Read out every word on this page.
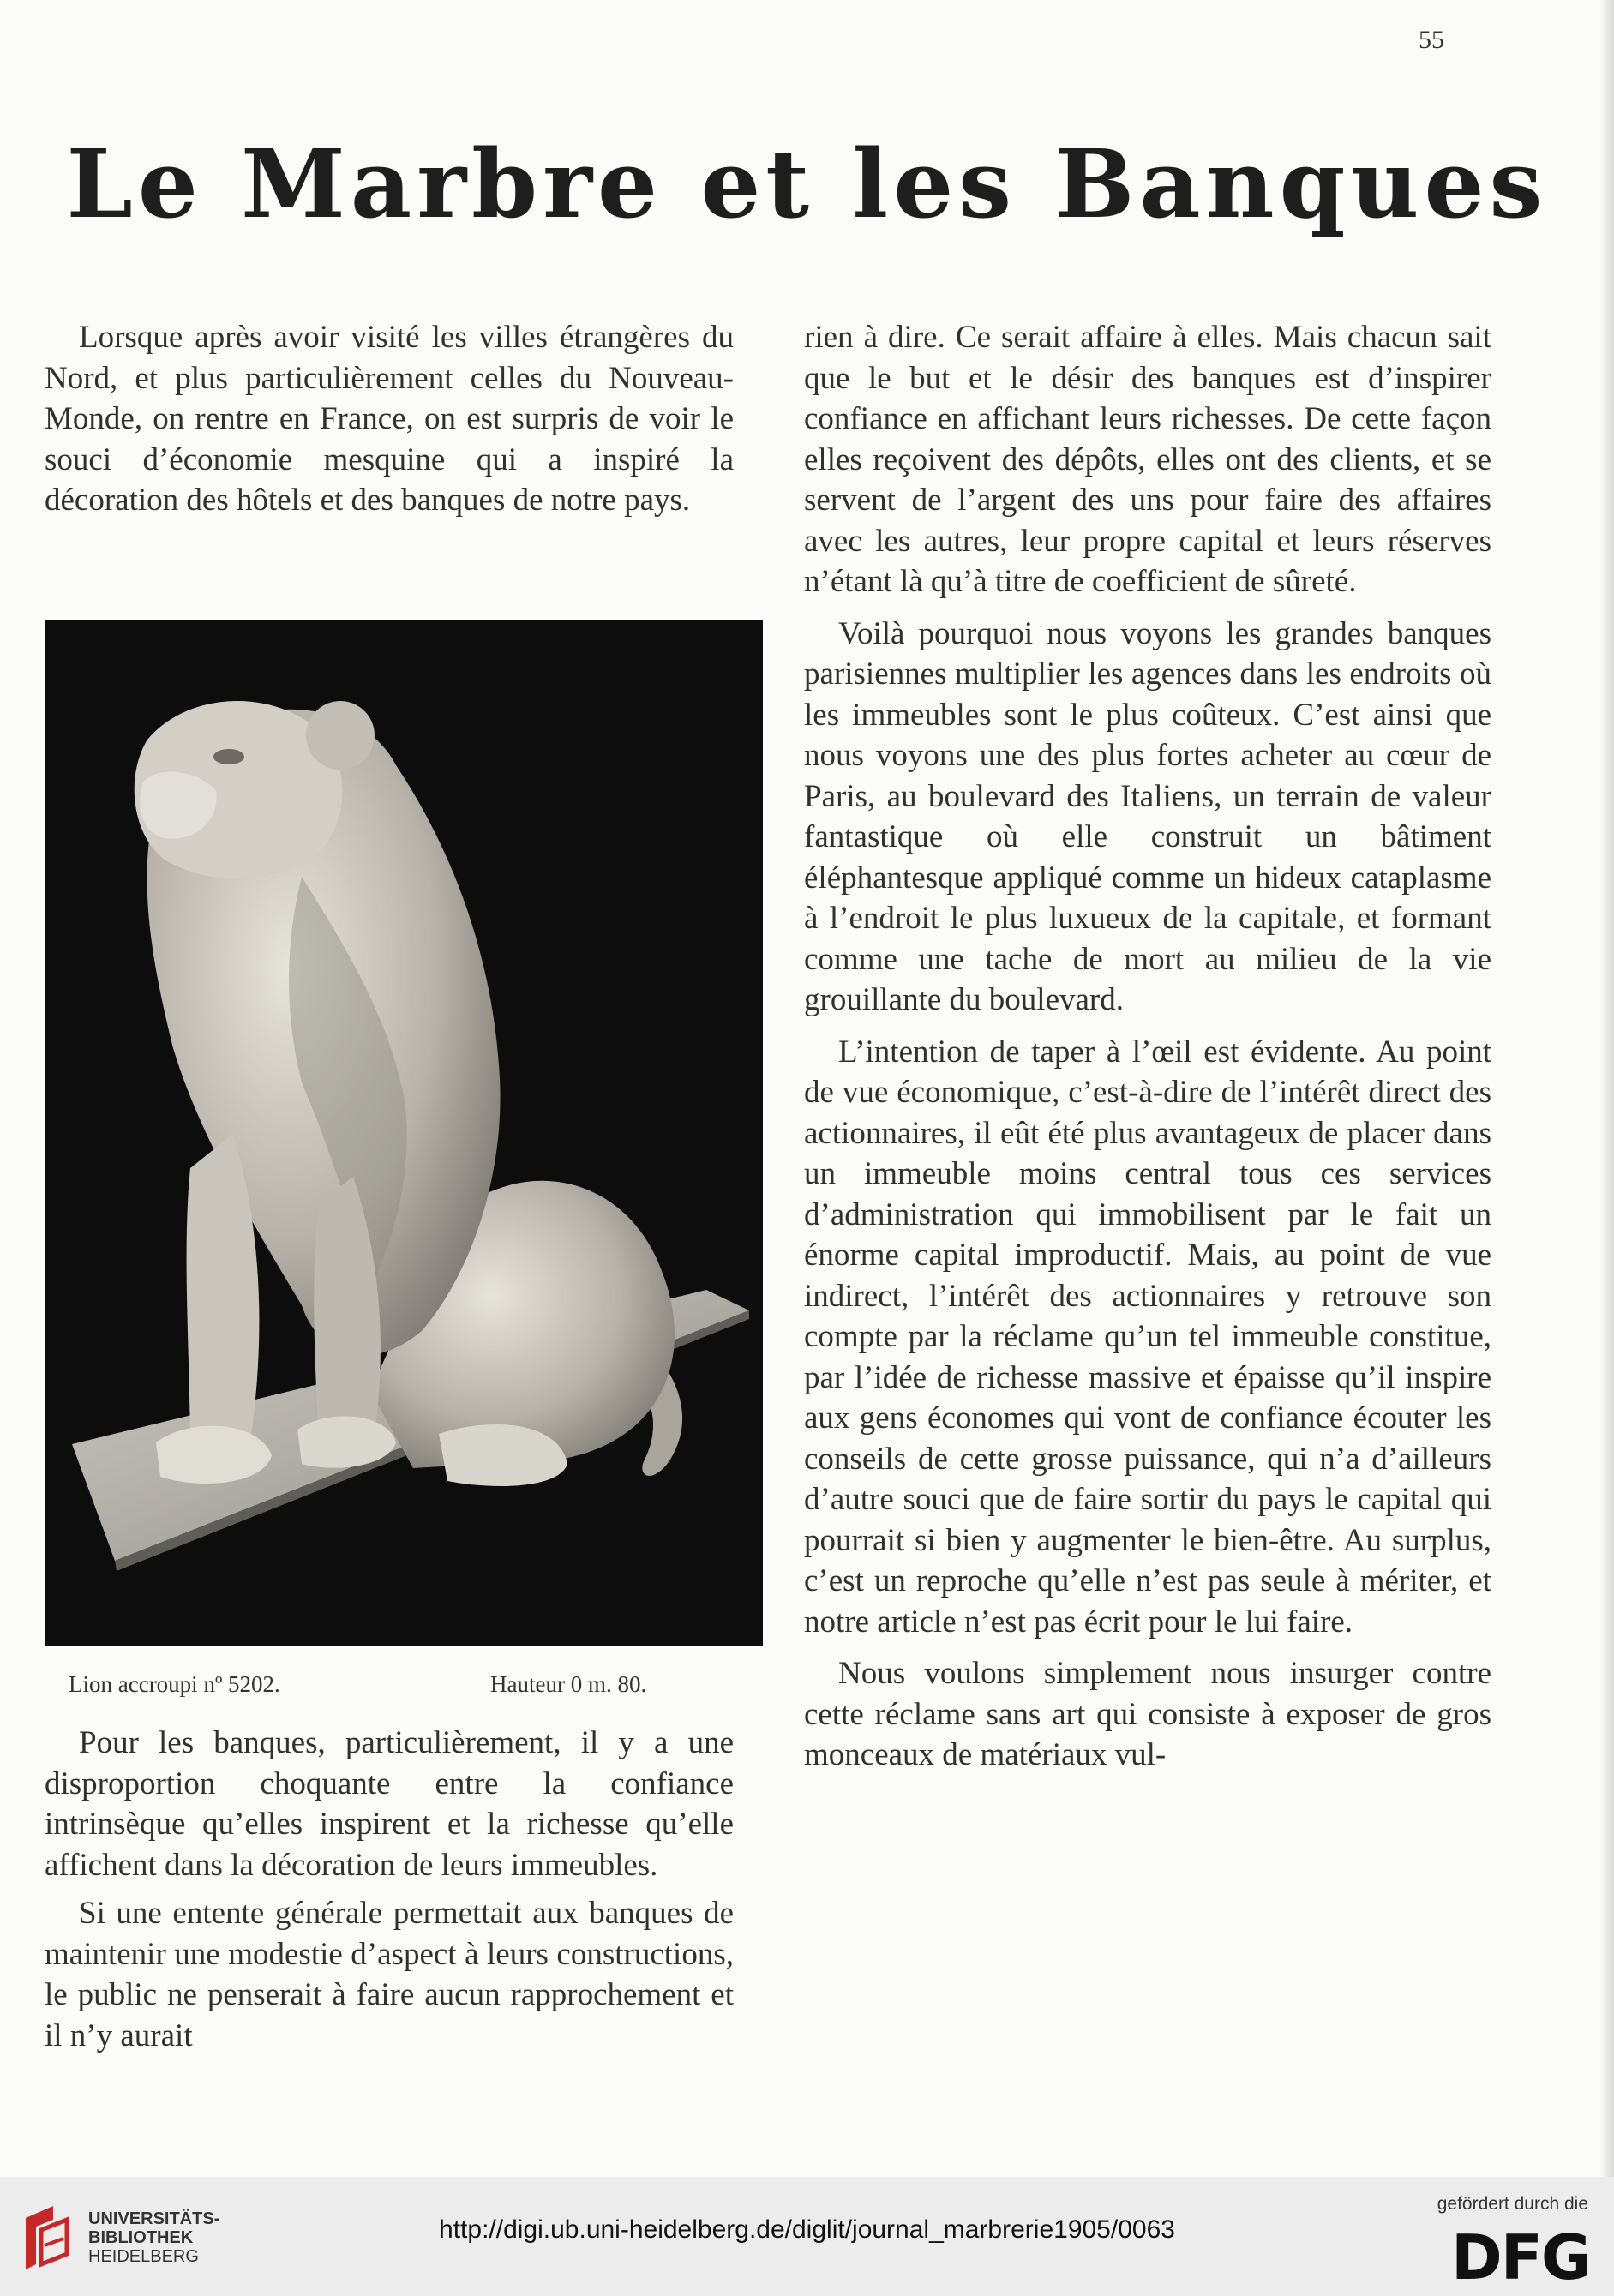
55
Le Marbre et les Banques

Lorsque après avoir visité les villes étrangères du Nord, et plus particulièrement celles du Nouveau-Monde, on rentre en France, on est surpris de voir le souci d’économie mesquine qui a inspiré la décoration des hôtels et des banques de notre pays.

Lion accroupi nº 5202.	Hauteur 0 m. 80.

Pour les banques, particulièrement, il y a une disproportion choquante entre la confiance intrinsèque qu’elles inspirent et la richesse qu’elle affichent dans la décoration de leurs immeubles.

Si une entente générale permettait aux banques de maintenir une modestie d’aspect à leurs constructions, le public ne penserait à faire aucun rapprochement et il n’y aurait

rien à dire. Ce serait affaire à elles. Mais chacun sait que le but et le désir des banques est d’inspirer confiance en affichant leurs richesses. De cette façon elles reçoivent des dépôts, elles ont des clients, et se servent de l’argent des uns pour faire des affaires avec les autres, leur propre capital et leurs réserves n’étant là qu’à titre de coefficient de sûreté.

Voilà pourquoi nous voyons les grandes banques parisiennes multiplier les agences dans les endroits où les immeubles sont le plus coûteux. C’est ainsi que nous voyons une des plus fortes acheter au cœur de Paris, au boulevard des Italiens, un terrain de valeur fantastique où elle construit un bâtiment éléphantesque appliqué comme un hideux cataplasme à l’endroit le plus luxueux de la capitale, et formant comme une tache de mort au milieu de la vie grouillante du boulevard.

L’intention de taper à l’œil est évidente. Au point de vue économique, c’est-à-dire de l’intérêt direct des actionnaires, il eût été plus avantageux de placer dans un immeuble moins central tous ces services d’administration qui immobilisent par le fait un énorme capital improductif. Mais, au point de vue indirect, l’intérêt des actionnaires y retrouve son compte par la réclame qu’un tel immeuble constitue, par l’idée de richesse massive et épaisse qu’il inspire aux gens économes qui vont de confiance écouter les conseils de cette grosse puissance, qui n’a d’ailleurs d’autre souci que de faire sortir du pays le capital qui pourrait si bien y augmenter le bien-être. Au surplus, c’est un reproche qu’elle n’est pas seule à mériter, et notre article n’est pas écrit pour le lui faire.

Nous voulons simplement nous insurger contre cette réclame sans art qui consiste à exposer de gros monceaux de matériaux vul-

UNIVERSITÄTS-
BIBLIOTHEK
HEIDELBERG
http://digi.ub.uni-heidelberg.de/diglit/journal_marbrerie1905/0063
gefördert durch die
DFG
